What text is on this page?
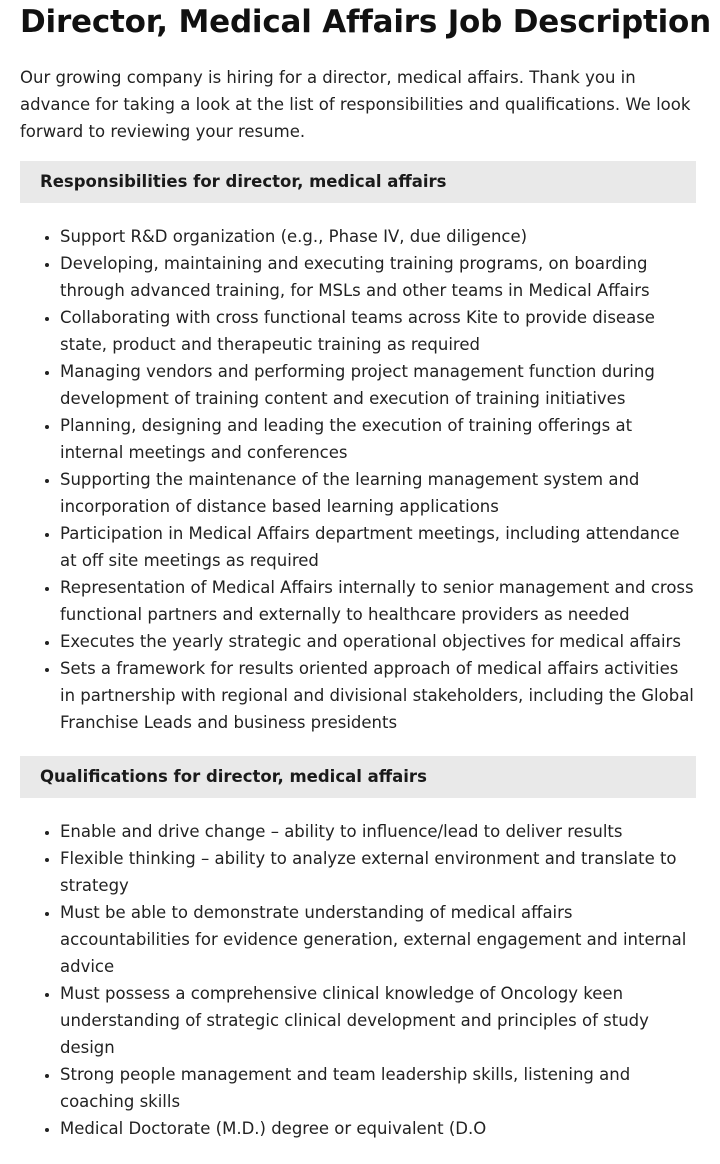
Director, Medical Affairs Job Description

Our growing company is hiring for a director, medical affairs. Thank you in advance for taking a look at the list of responsibilities and qualifications. We look forward to reviewing your resume.

Responsibilities for director, medical affairs
• Support R&D organization (e.g., Phase IV, due diligence)
• Developing, maintaining and executing training programs, on boarding through advanced training, for MSLs and other teams in Medical Affairs
• Collaborating with cross functional teams across Kite to provide disease state, product and therapeutic training as required
• Managing vendors and performing project management function during development of training content and execution of training initiatives
• Planning, designing and leading the execution of training offerings at internal meetings and conferences
• Supporting the maintenance of the learning management system and incorporation of distance based learning applications
• Participation in Medical Affairs department meetings, including attendance at off site meetings as required
• Representation of Medical Affairs internally to senior management and cross functional partners and externally to healthcare providers as needed
• Executes the yearly strategic and operational objectives for medical affairs
• Sets a framework for results oriented approach of medical affairs activities in partnership with regional and divisional stakeholders, including the Global Franchise Leads and business presidents
Qualifications for director, medical affairs
• Enable and drive change – ability to influence/lead to deliver results
• Flexible thinking – ability to analyze external environment and translate to strategy
• Must be able to demonstrate understanding of medical affairs accountabilities for evidence generation, external engagement and internal advice
• Must possess a comprehensive clinical knowledge of Oncology keen understanding of strategic clinical development and principles of study design
• Strong people management and team leadership skills, listening and coaching skills
• Medical Doctorate (M.D.) degree or equivalent (D.O
